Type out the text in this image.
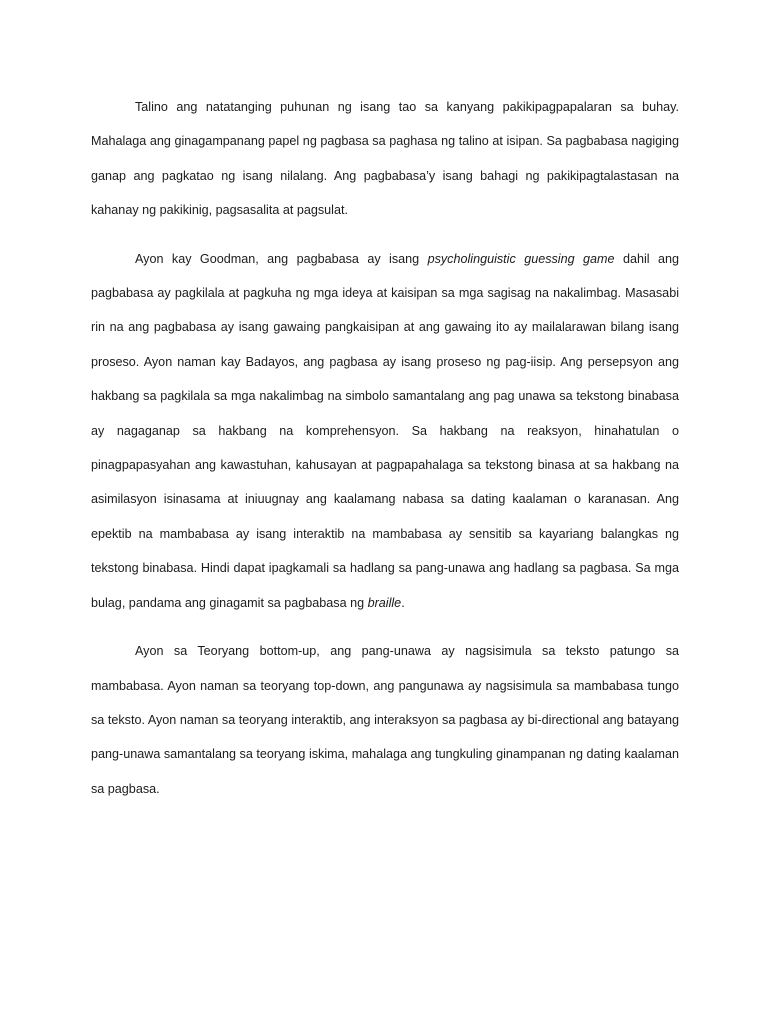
Talino ang natatanging puhunan ng isang tao sa kanyang pakikipagpapalaran sa buhay. Mahalaga ang ginagampanang papel ng pagbasa sa paghasa ng talino at isipan. Sa pagbabasa nagiging ganap ang pagkatao ng isang nilalang. Ang pagbabasa’y isang bahagi ng pakikipagtalastasan na kahanay ng pakikinig, pagsasalita at pagsulat.

Ayon kay Goodman, ang pagbabasa ay isang psycholinguistic guessing game dahil ang pagbabasa ay pagkilala at pagkuha ng mga ideya at kaisipan sa mga sagisag na nakalimbag. Masasabi rin na ang pagbabasa ay isang gawaing pangkaisipan at ang gawaing ito ay mailalarawan bilang isang proseso. Ayon naman kay Badayos, ang pagbasa ay isang proseso ng pag-iisip. Ang persepsyon ang hakbang sa pagkilala sa mga nakalimbag na simbolo samantalang ang pag unawa sa tekstong binabasa ay nagaganap sa hakbang na komprehensyon. Sa hakbang na reaksyon, hinahatulan o pinagpapasyahan ang kawastuhan, kahusayan at pagpapahalaga sa tekstong binasa at sa hakbang na asimilasyon isinasama at iniuugnay ang kaalamang nabasa sa dating kaalaman o karanasan. Ang epektib na mambabasa ay isang interaktib na mambabasa ay sensitib sa kayariang balangkas ng tekstong binabasa. Hindi dapat ipagkamali sa hadlang sa pang-unawa ang hadlang sa pagbasa. Sa mga bulag, pandama ang ginagamit sa pagbabasa ng braille.

Ayon sa Teoryang bottom-up, ang pang-unawa ay nagsisimula sa teksto patungo sa mambabasa. Ayon naman sa teoryang top-down, ang pangunawa ay nagsisimula sa mambabasa tungo sa teksto. Ayon naman sa teoryang interaktib, ang interaksyon sa pagbasa ay bi-directional ang batayang pang-unawa samantalang sa teoryang iskima, mahalaga ang tungkuling ginampanan ng dating kaalaman sa pagbasa.
